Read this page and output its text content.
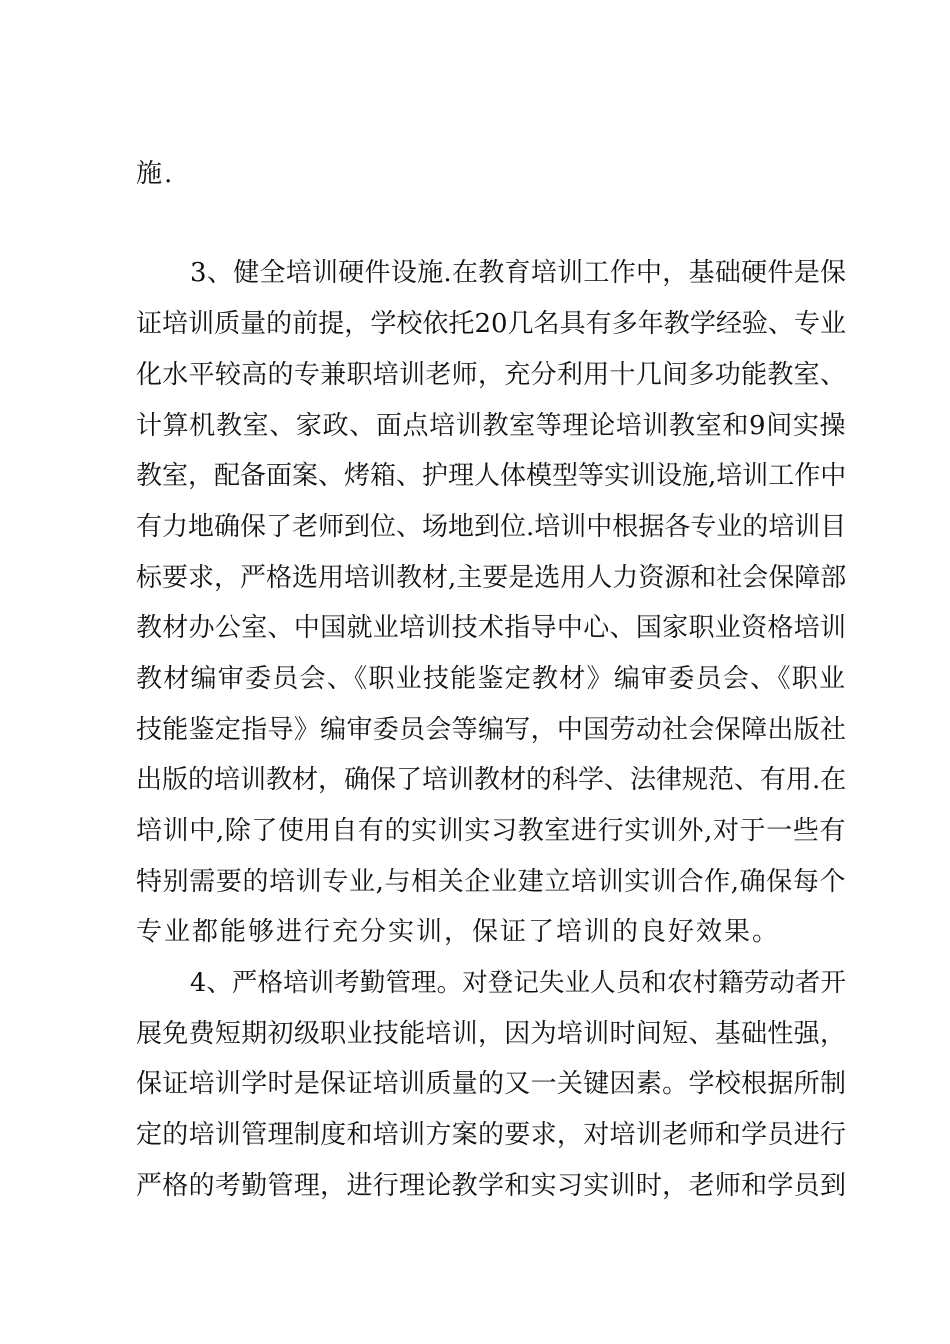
施.
3、健全培训硬件设施.在教育培训工作中，基础硬件是保
证培训质量的前提，学校依托20几名具有多年教学经验、专业
化水平较高的专兼职培训老师，充分利用十几间多功能教室、
计算机教室、家政、面点培训教室等理论培训教室和9间实操
教室，配备面案、烤箱、护理人体模型等实训设施,培训工作中
有力地确保了老师到位、场地到位.培训中根据各专业的培训目
标要求，严格选用培训教材,主要是选用人力资源和社会保障部
教材办公室、中国就业培训技术指导中心、国家职业资格培训
教材编审委员会、《职业技能鉴定教材》编审委员会、《职业
技能鉴定指导》编审委员会等编写，中国劳动社会保障出版社
出版的培训教材，确保了培训教材的科学、法律规范、有用.在
培训中,除了使用自有的实训实习教室进行实训外,对于一些有
特别需要的培训专业,与相关企业建立培训实训合作,确保每个
专业都能够进行充分实训，保证了培训的良好效果。
4、严格培训考勤管理。对登记失业人员和农村籍劳动者开
展免费短期初级职业技能培训，因为培训时间短、基础性强，
保证培训学时是保证培训质量的又一关键因素。学校根据所制
定的培训管理制度和培训方案的要求，对培训老师和学员进行
严格的考勤管理，进行理论教学和实习实训时，老师和学员到
